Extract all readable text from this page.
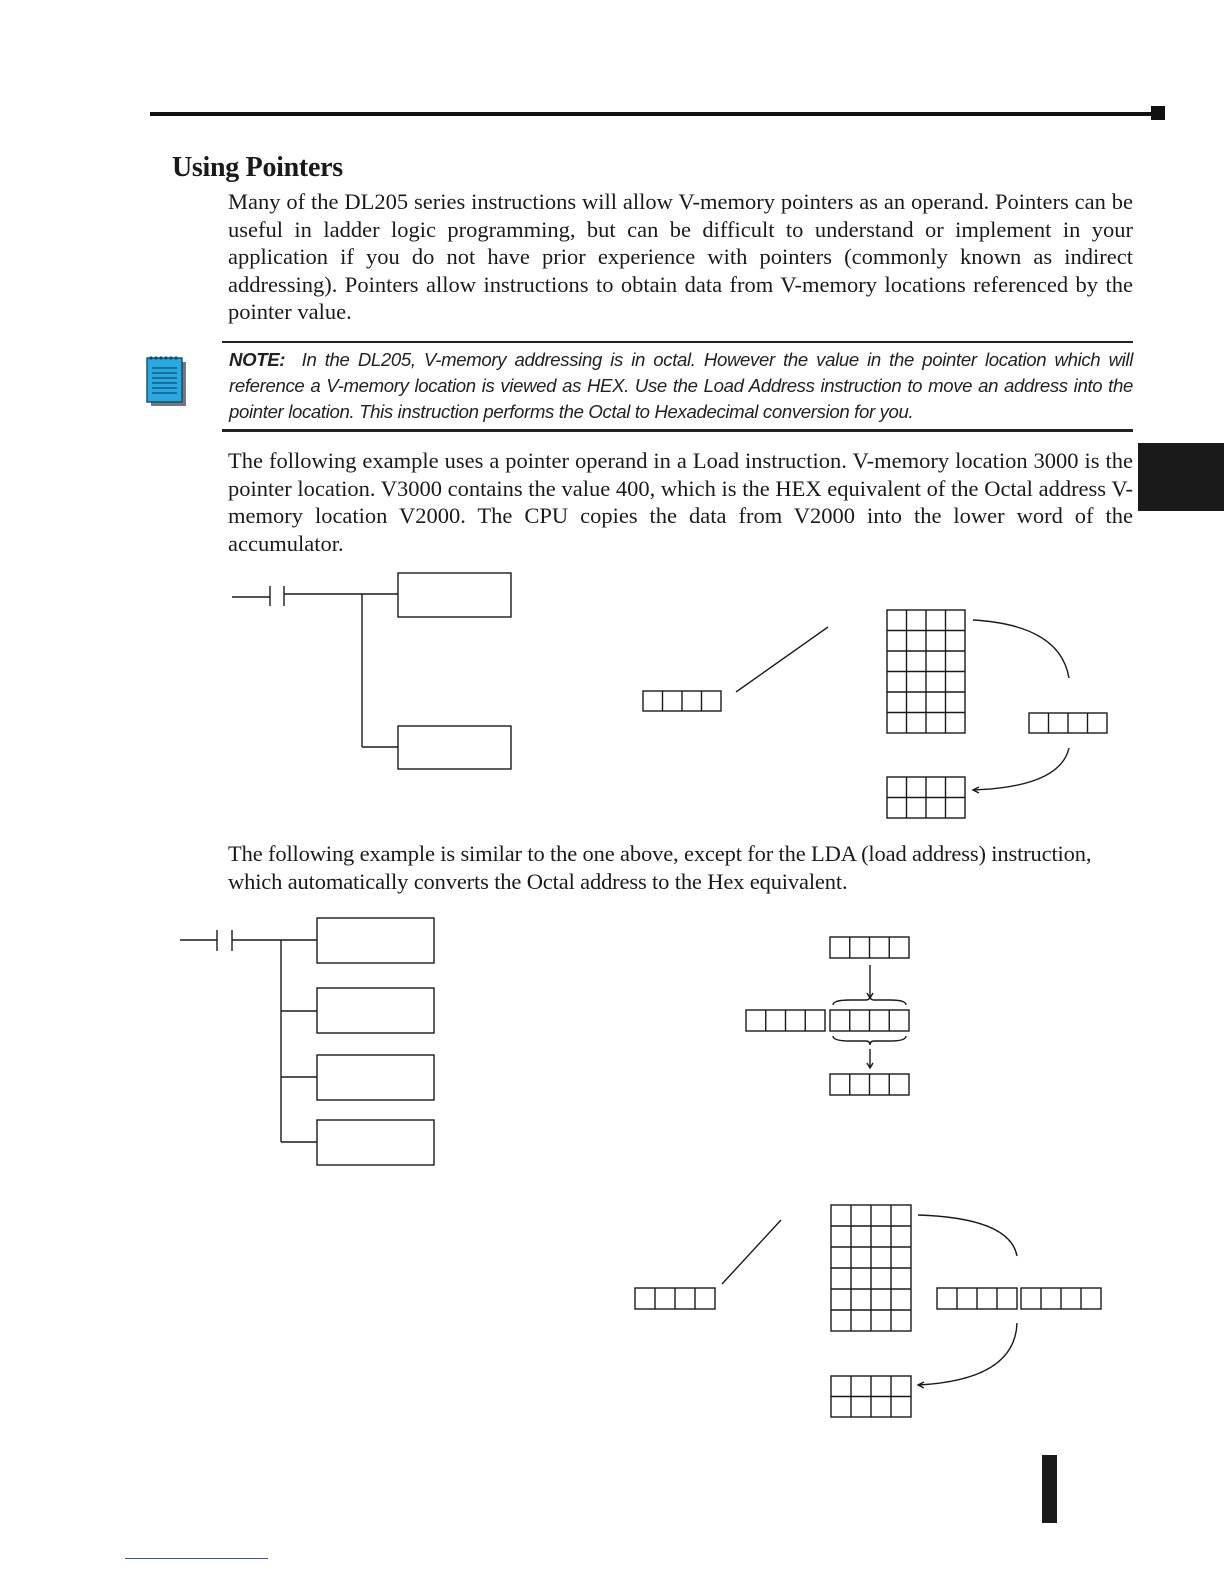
Using Pointers

Many of the DL205 series instructions will allow V-memory pointers as an operand. Pointers can be useful in ladder logic programming, but can be difficult to understand or implement in your application if you do not have prior experience with pointers (commonly known as indirect addressing). Pointers allow instructions to obtain data from V-memory locations referenced by the pointer value.

NOTE: In the DL205, V-memory addressing is in octal. However the value in the pointer location which will reference a V-memory location is viewed as HEX. Use the Load Address instruction to move an address into the pointer location. This instruction performs the Octal to Hexadecimal conversion for you.

The following example uses a pointer operand in a Load instruction. V-memory location 3000 is the pointer location. V3000 contains the value 400, which is the HEX equivalent of the Octal address V-memory location V2000. The CPU copies the data from V2000 into the lower word of the accumulator.

The following example is similar to the one above, except for the LDA (load address) instruction, which automatically converts the Octal address to the Hex equivalent.
